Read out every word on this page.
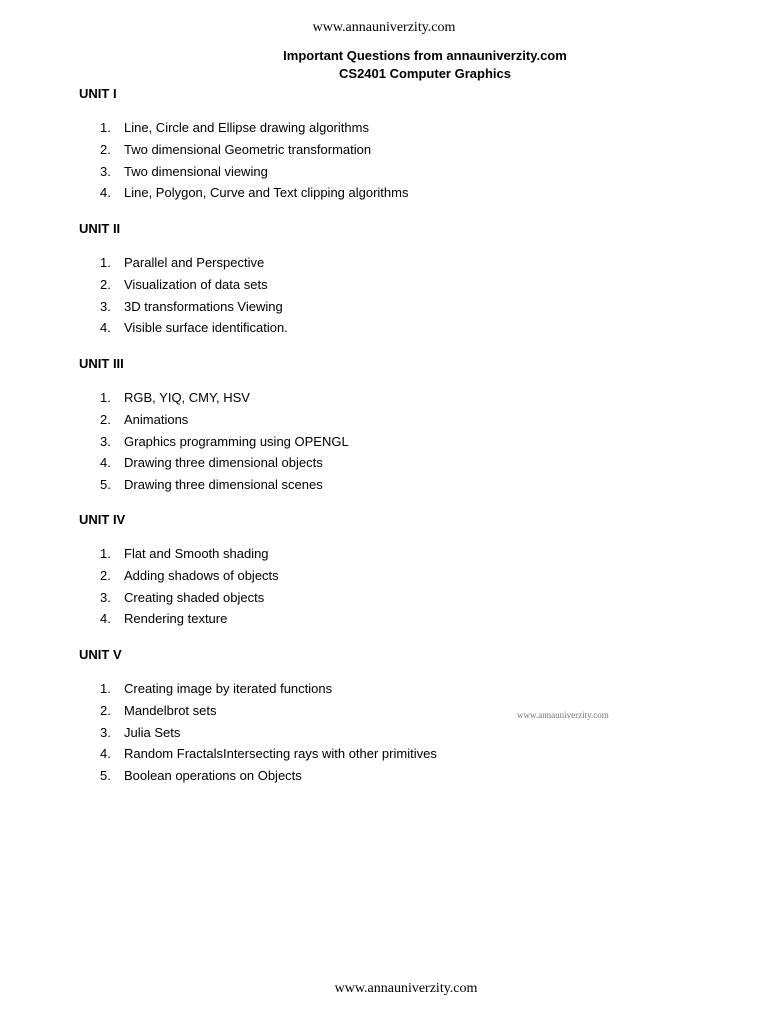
www.annauniverzity.com
Important Questions from annauniverzity.com
CS2401 Computer Graphics
UNIT I
1. Line, Circle and Ellipse drawing algorithms
2. Two dimensional Geometric transformation
3. Two dimensional viewing
4. Line, Polygon, Curve and Text clipping algorithms
UNIT II
1. Parallel and Perspective
2. Visualization of data sets
3. 3D transformations Viewing
4. Visible surface identification.
UNIT III
1. RGB, YIQ, CMY, HSV
2. Animations
3. Graphics programming using OPENGL
4. Drawing three dimensional objects
5. Drawing three dimensional scenes
UNIT IV
1. Flat and Smooth shading
2. Adding shadows of objects
3. Creating shaded objects
4. Rendering texture
UNIT V
1. Creating image by iterated functions
2. Mandelbrot sets
3. Julia Sets
4. Random FractalsIntersecting rays with other primitives
5. Boolean operations on Objects
www.annauniverzity.com
www.annauniverzity.com
